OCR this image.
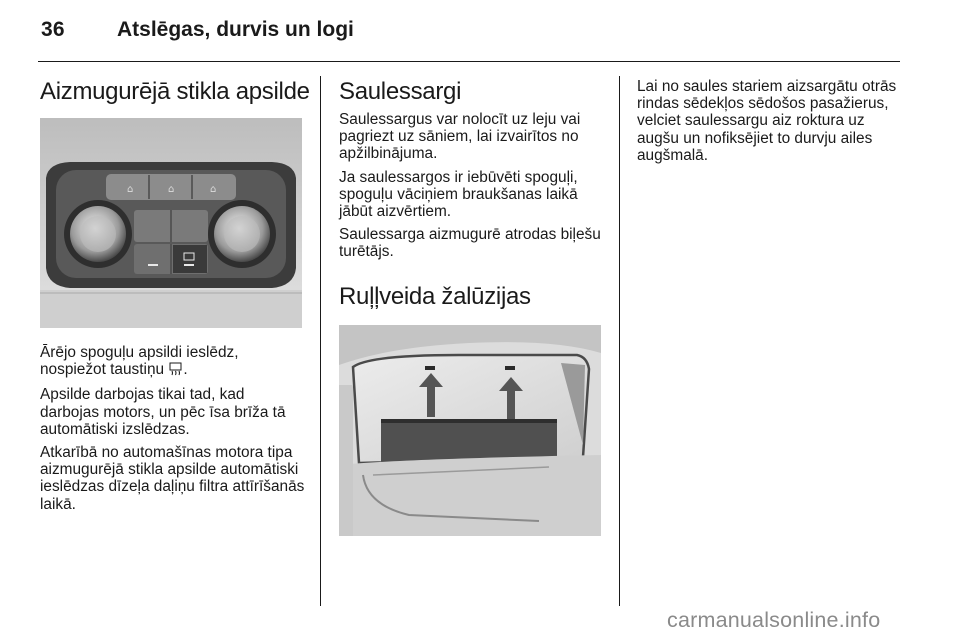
36 Atslēgas, durvis un logi
Aizmugurējā stikla apsilde
⌂	⌂	⌂

Ārējo spoguļu apsildi ieslēdz, nospiežot taustiņu .

Apsilde darbojas tikai tad, kad darbojas motors, un pēc īsa brīža tā automātiski izslēdzas.

Atkarībā no automašīnas motora tipa aizmugurējā stikla apsilde automātiski ieslēdzas dīzeļa daļiņu filtra attīrīšanās laikā.

Saulessargi

Saulessargus var nolocīt uz leju vai pagriezt uz sāniem, lai izvairītos no apžilbinājuma.

Ja saulessargos ir iebūvēti spoguļi, spoguļu vāciņiem braukšanas laikā jābūt aizvērtiem.

Saulessarga aizmugurē atrodas biļešu turētājs.

Ruļļveida žalūzijas

Lai no saules stariem aizsargātu otrās rindas sēdekļos sēdošos pasažierus, velciet saulessargu aiz roktura uz augšu un nofiksējiet to durvju ailes augšmalā.

carmanualsonline.info
